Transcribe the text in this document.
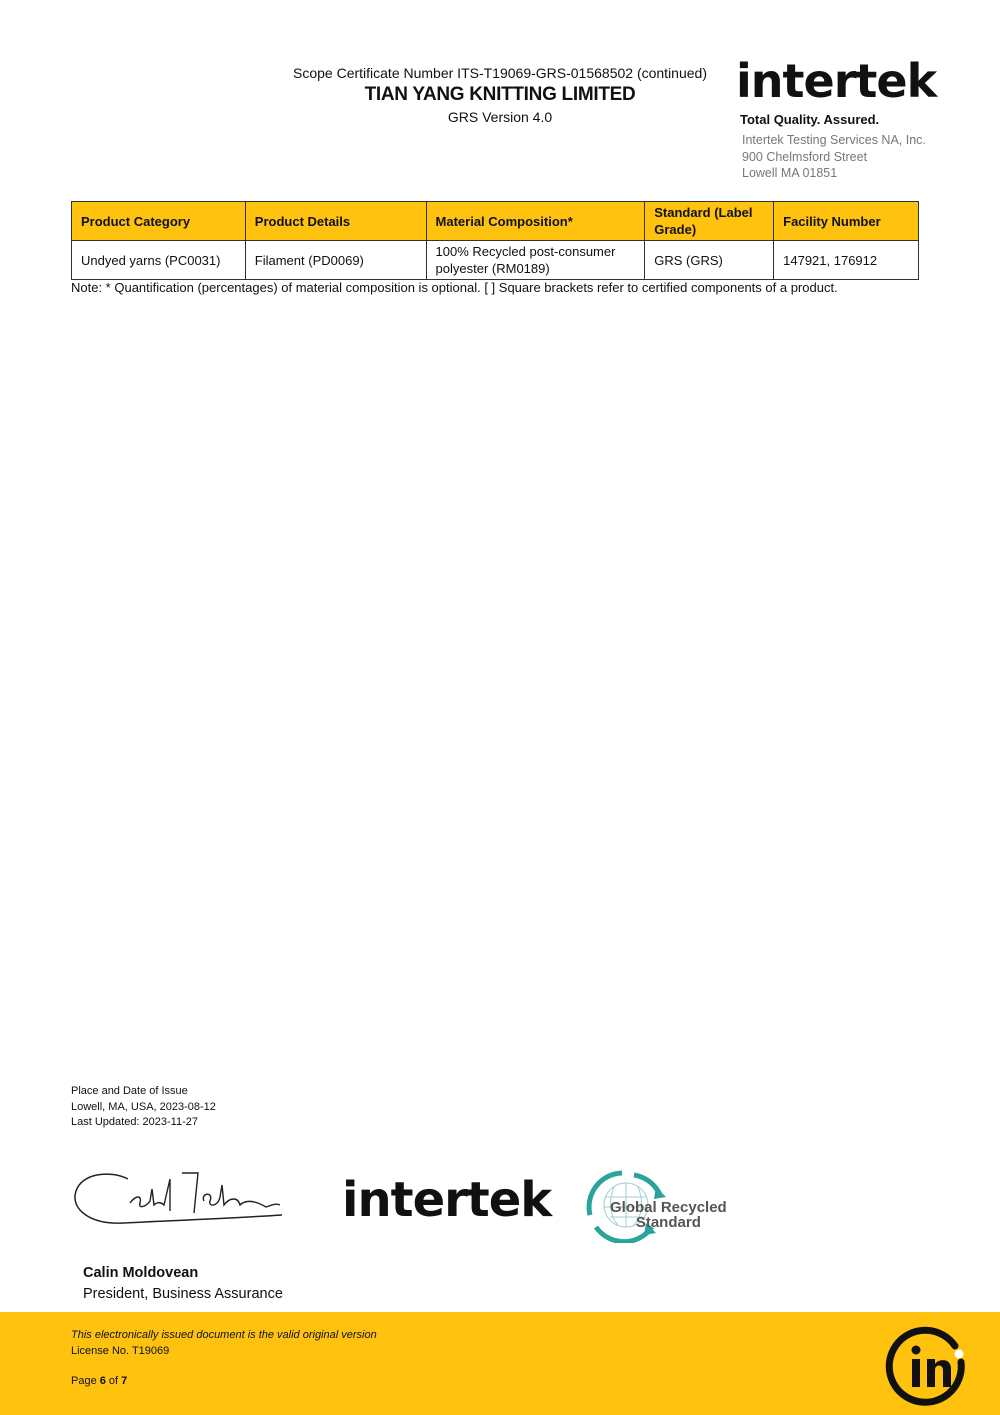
Scope Certificate Number ITS-T19069-GRS-01568502 (continued)
TIAN YANG KNITTING LIMITED
GRS Version 4.0
intertek
Total Quality. Assured.
Intertek Testing Services NA, Inc.
900 Chelmsford Street
Lowell MA 01851
Product Category	Product Details	Material Composition*	Standard (Label Grade)	Facility Number
Undyed yarns (PC0031)	Filament (PD0069)	100% Recycled post-consumer polyester (RM0189)	GRS (GRS)	147921, 176912
Note: * Quantification (percentages) of material composition is optional. [ ] Square brackets refer to certified components of a product.
Place and Date of Issue
Lowell, MA, USA, 2023-08-12
Last Updated: 2023-11-27
intertek	Global Recycled
Standard
Calin Moldovean
President, Business Assurance
This electronically issued document is the valid original version
License No. T19069
Page 6 of 7
